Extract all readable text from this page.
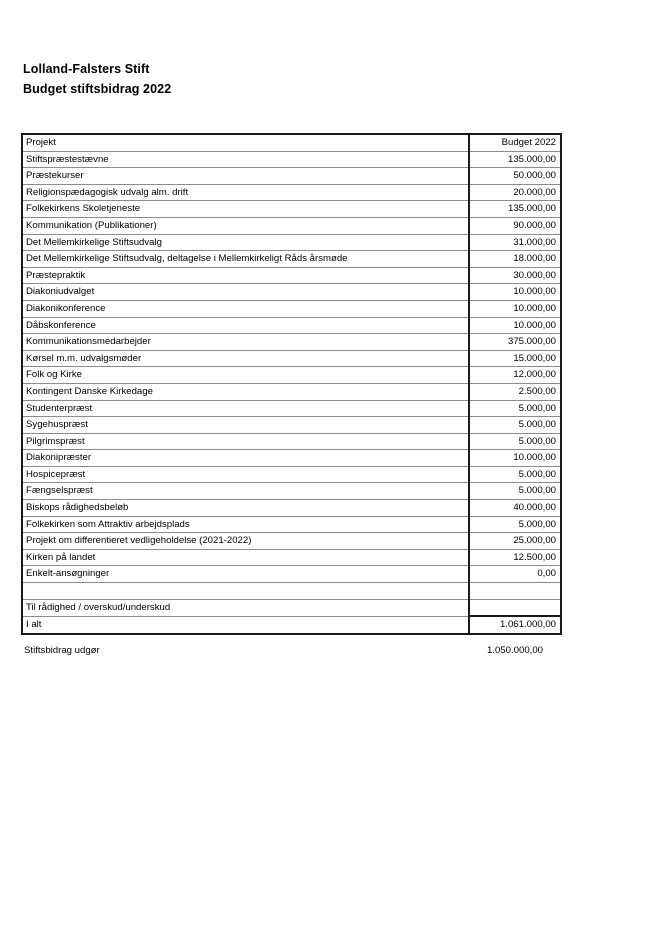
Lolland-Falsters Stift
Budget stiftsbidrag 2022
Projekt	Budget 2022
Stiftspræstestævne	135.000,00
Præstekurser	50.000,00
Religionspædagogisk udvalg alm. drift	20.000,00
Folkekirkens Skoletjeneste	135.000,00
Kommunikation (Publikationer)	90.000,00
Det Mellemkirkelige Stiftsudvalg	31.000,00
Det Mellemkirkelige Stiftsudvalg, deltagelse i Mellemkirkeligt Råds årsmøde	18.000,00
Præstepraktik	30.000,00
Diakoniudvalget	10.000,00
Diakonikonference	10.000,00
Dåbskonference	10.000,00
Kommunikationsmedarbejder	375.000,00
Kørsel m.m. udvalgsmøder	15.000,00
Folk og Kirke	12.000,00
Kontingent Danske Kirkedage	2.500,00
Studenterpræst	5.000,00
Sygehuspræst	5.000,00
Pilgrimspræst	5.000,00
Diakonipræster	10.000,00
Hospicepræst	5.000,00
Fængselspræst	5.000,00
Biskops rådighedsbeløb	40.000,00
Folkekirken som Attraktiv arbejdsplads	5.000,00
Projekt om differentieret vedligeholdelse (2021-2022)	25.000,00
Kirken på landet	12.500,00
Enkelt-ansøgninger	0,00

Til rådighed / overskud/underskud	
I alt	1.061.000,00
Stiftsbidrag udgør	1.050.000,00
